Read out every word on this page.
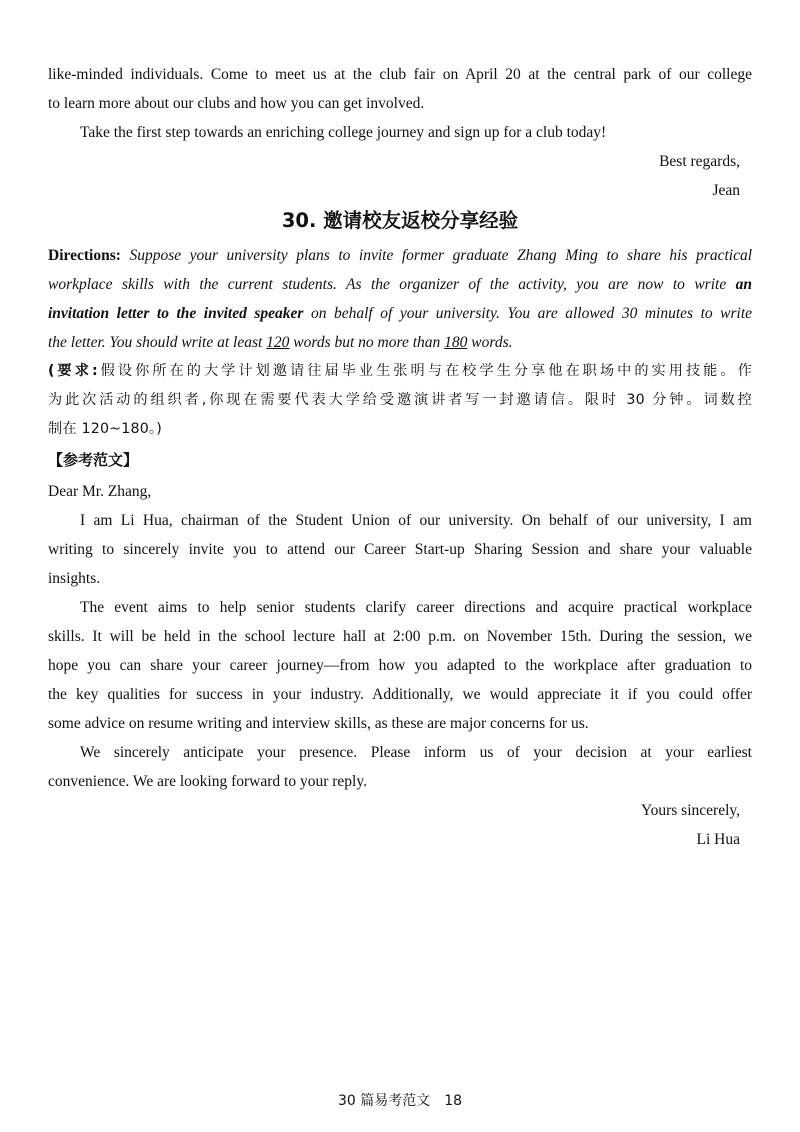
like-minded individuals. Come to meet us at the club fair on April 20 at the central park of our college
to learn more about our clubs and how you can get involved.
Take the first step towards an enriching college journey and sign up for a club today!
Best regards,
Jean
30. 邀请校友返校分享经验
Directions: Suppose your university plans to invite former graduate Zhang Ming to share his practical
workplace skills with the current students. As the organizer of the activity, you are now to write an
invitation letter to the invited speaker on behalf of your university. You are allowed 30 minutes to write
the letter. You should write at least 120 words but no more than 180 words.
(要求:假设你所在的大学计划邀请往届毕业生张明与在校学生分享他在职场中的实用技能。作
为此次活动的组织者,你现在需要代表大学给受邀演讲者写一封邀请信。限时 30 分钟。词数控
制在 120~180。)
【参考范文】
Dear Mr. Zhang,
I am Li Hua, chairman of the Student Union of our university. On behalf of our university, I am
writing to sincerely invite you to attend our Career Start-up Sharing Session and share your valuable
insights.
The event aims to help senior students clarify career directions and acquire practical workplace
skills. It will be held in the school lecture hall at 2:00 p.m. on November 15th. During the session, we
hope you can share your career journey—from how you adapted to the workplace after graduation to
the key qualities for success in your industry. Additionally, we would appreciate it if you could offer
some advice on resume writing and interview skills, as these are major concerns for us.
We sincerely anticipate your presence. Please inform us of your decision at your earliest
convenience. We are looking forward to your reply.
Yours sincerely,
Li Hua
30 篇易考范文 18
